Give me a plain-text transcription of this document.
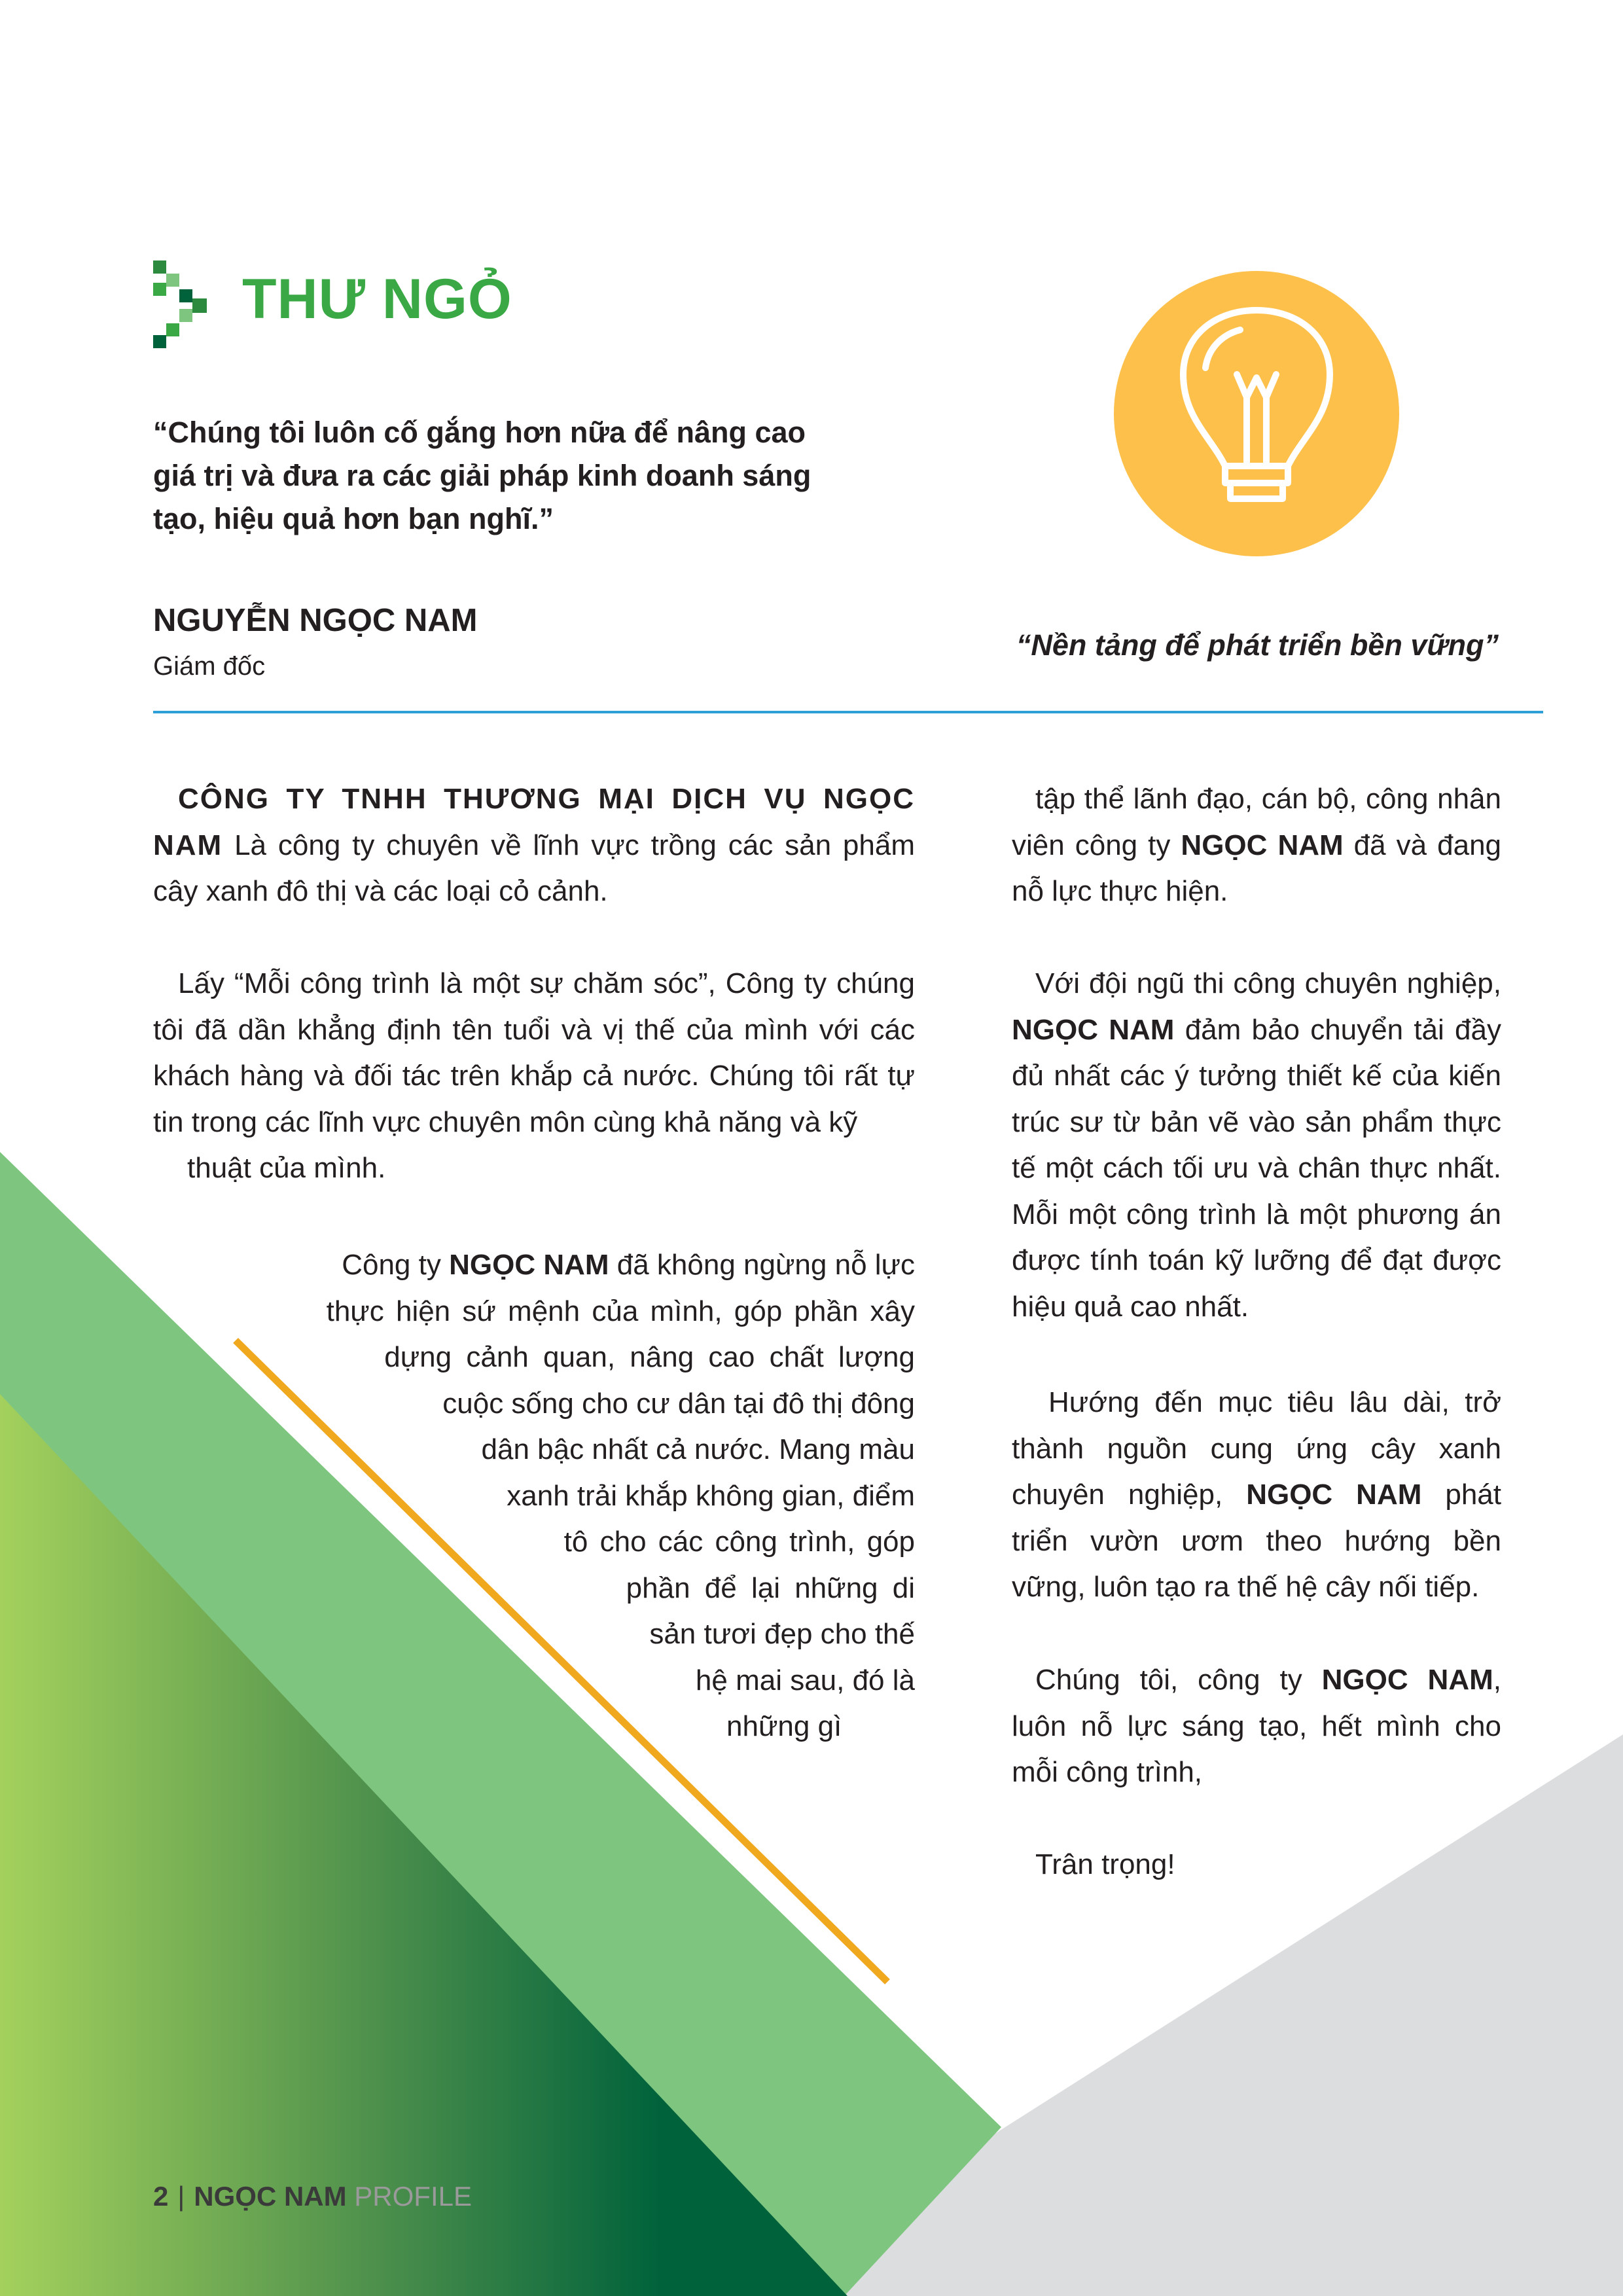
THƯ NGỎ
“Chúng tôi luôn cố gắng hơn nữa để nâng cao giá trị và đưa ra các giải pháp kinh doanh sáng tạo, hiệu quả hơn bạn nghĩ.”
NGUYỄN NGỌC NAM
Giám đốc
“Nền tảng để phát triển bền vững”
CÔNG TY TNHH THƯƠNG MẠI DỊCH VỤ NGỌC NAM Là công ty chuyên về lĩnh vực trồng các sản phẩm cây xanh đô thị và các loại cỏ cảnh.
Lấy “Mỗi công trình là một sự chăm sóc”, Công ty chúng tôi đã dần khẳng định tên tuổi và vị thế của mình với các khách hàng và đối tác trên khắp cả nước. Chúng tôi rất tự tin trong các lĩnh vực chuyên môn cùng khả năng và kỹ
thuật của mình.
Công ty NGỌC NAM đã không ngừng nỗ lực
thực hiện sứ mệnh của mình, góp phần xây
dựng cảnh quan, nâng cao chất lượng
cuộc sống cho cư dân tại đô thị đông
dân bậc nhất cả nước. Mang màu
xanh trải khắp không gian, điểm
tô cho các công trình, góp
phần để lại những di
sản tươi đẹp cho thế
hệ mai sau, đó là
những gì
tập thể lãnh đạo, cán bộ, công nhân viên công ty NGỌC NAM đã và đang nỗ lực thực hiện.
Với đội ngũ thi công chuyên nghiệp, NGỌC NAM đảm bảo chuyển tải đầy đủ nhất các ý tưởng thiết kế của kiến trúc sư từ bản vẽ vào sản phẩm thực tế một cách tối ưu và chân thực nhất. Mỗi một công trình là một phương án được tính toán kỹ lưỡng để đạt được hiệu quả cao nhất.
Hướng đến mục tiêu lâu dài, trở thành nguồn cung ứng cây xanh chuyên nghiệp, NGỌC NAM phát triển vườn ươm theo hướng bền vững, luôn tạo ra thế hệ cây nối tiếp.
Chúng tôi, công ty NGỌC NAM, luôn nỗ lực sáng tạo, hết mình cho mỗi công trình,
Trân trọng!
2 | NGỌC NAM PROFILE
